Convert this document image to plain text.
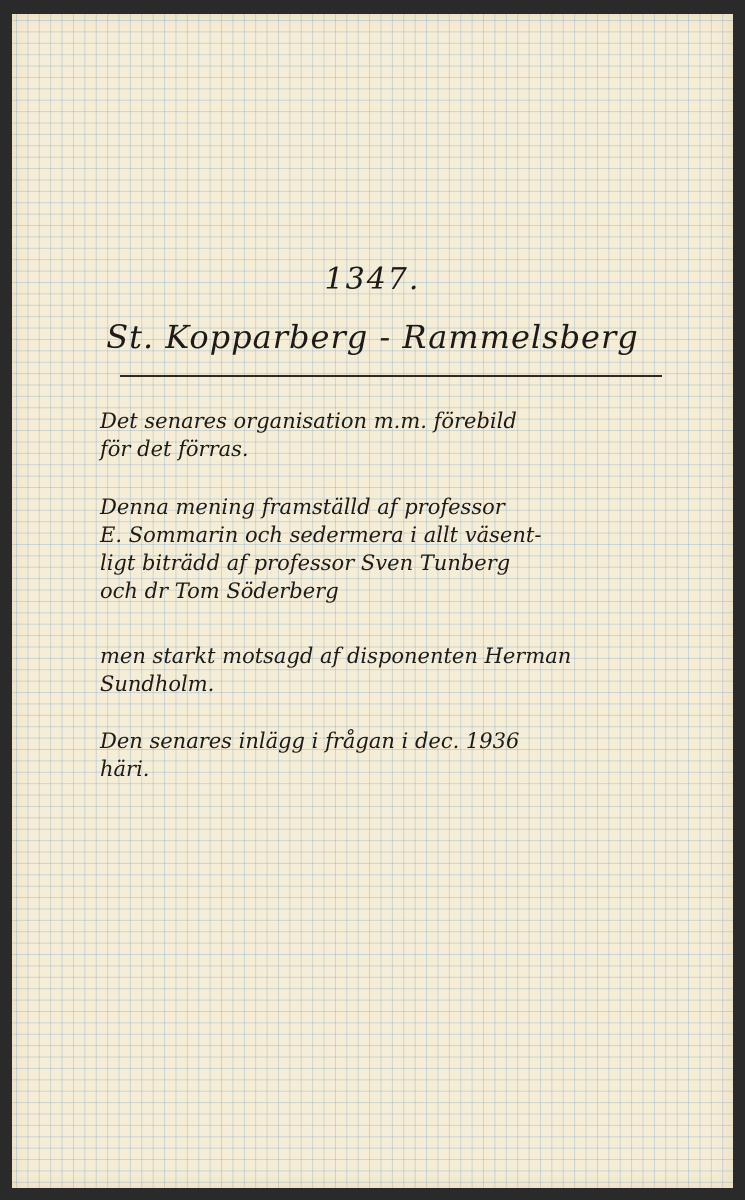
1347.
St. Kopparberg - Rammelsberg
Det senares organisation m.m. förebild
för det förras.
Denna mening framställd af professor
E. Sommarin och sedermera i allt väsent-
ligt biträdd af professor Sven Tunberg
och dr Tom Söderberg
men starkt motsagd af disponenten Herman
Sundholm.
Den senares inlägg i frågan i dec. 1936
häri.
